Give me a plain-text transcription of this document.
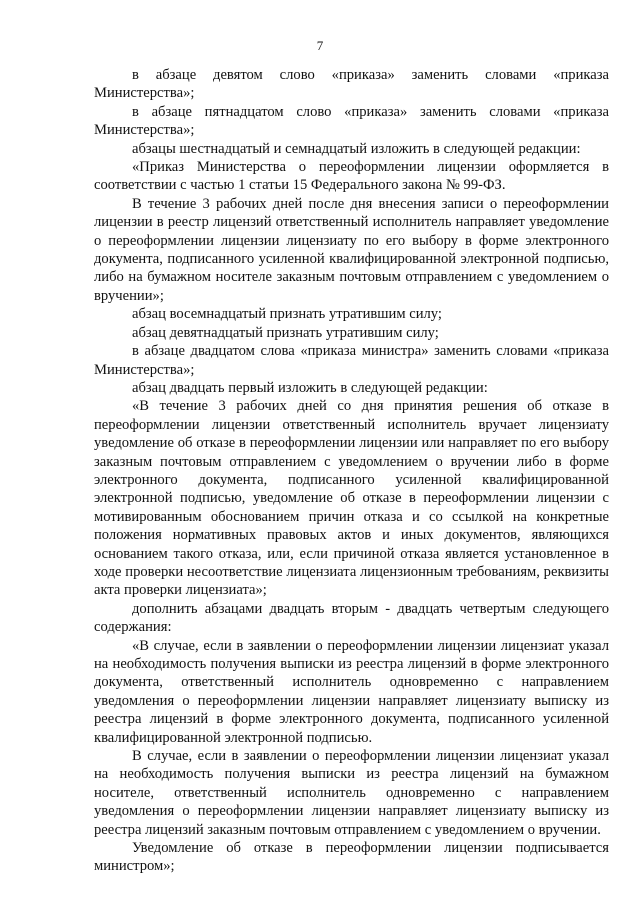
7

в абзаце девятом слово «приказа» заменить словами «приказа Министерства»;

в абзаце пятнадцатом слово «приказа» заменить словами «приказа Министерства»;

абзацы шестнадцатый и семнадцатый изложить в следующей редакции:

«Приказ Министерства о переоформлении лицензии оформляется в соответствии с частью 1 статьи 15 Федерального закона № 99-ФЗ.

В течение 3 рабочих дней после дня внесения записи о переоформлении лицензии в реестр лицензий ответственный исполнитель направляет уведомление о переоформлении лицензии лицензиату по его выбору в форме электронного документа, подписанного усиленной квалифицированной электронной подписью, либо на бумажном носителе заказным почтовым отправлением с уведомлением о вручении»;

абзац восемнадцатый признать утратившим силу;

абзац девятнадцатый признать утратившим силу;

в абзаце двадцатом слова «приказа министра» заменить словами «приказа Министерства»;

абзац двадцать первый изложить в следующей редакции:

«В течение 3 рабочих дней со дня принятия решения об отказе в переоформлении лицензии ответственный исполнитель вручает лицензиату уведомление об отказе в переоформлении лицензии или направляет по его выбору заказным почтовым отправлением с уведомлением о вручении либо в форме электронного документа, подписанного усиленной квалифицированной электронной подписью, уведомление об отказе в переоформлении лицензии с мотивированным обоснованием причин отказа и со ссылкой на конкретные положения нормативных правовых актов и иных документов, являющихся основанием такого отказа, или, если причиной отказа является установленное в ходе проверки несоответствие лицензиата лицензионным требованиям, реквизиты акта проверки лицензиата»;

дополнить абзацами двадцать вторым - двадцать четвертым следующего содержания:

«В случае, если в заявлении о переоформлении лицензии лицензиат указал на необходимость получения выписки из реестра лицензий в форме электронного документа, ответственный исполнитель одновременно с направлением уведомления о переоформлении лицензии направляет лицензиату выписку из реестра лицензий в форме электронного документа, подписанного усиленной квалифицированной электронной подписью.

В случае, если в заявлении о переоформлении лицензии лицензиат указал на необходимость получения выписки из реестра лицензий на бумажном носителе, ответственный исполнитель одновременно с направлением уведомления о переоформлении лицензии направляет лицензиату выписку из реестра лицензий заказным почтовым отправлением с уведомлением о вручении.

Уведомление об отказе в переоформлении лицензии подписывается министром»;
